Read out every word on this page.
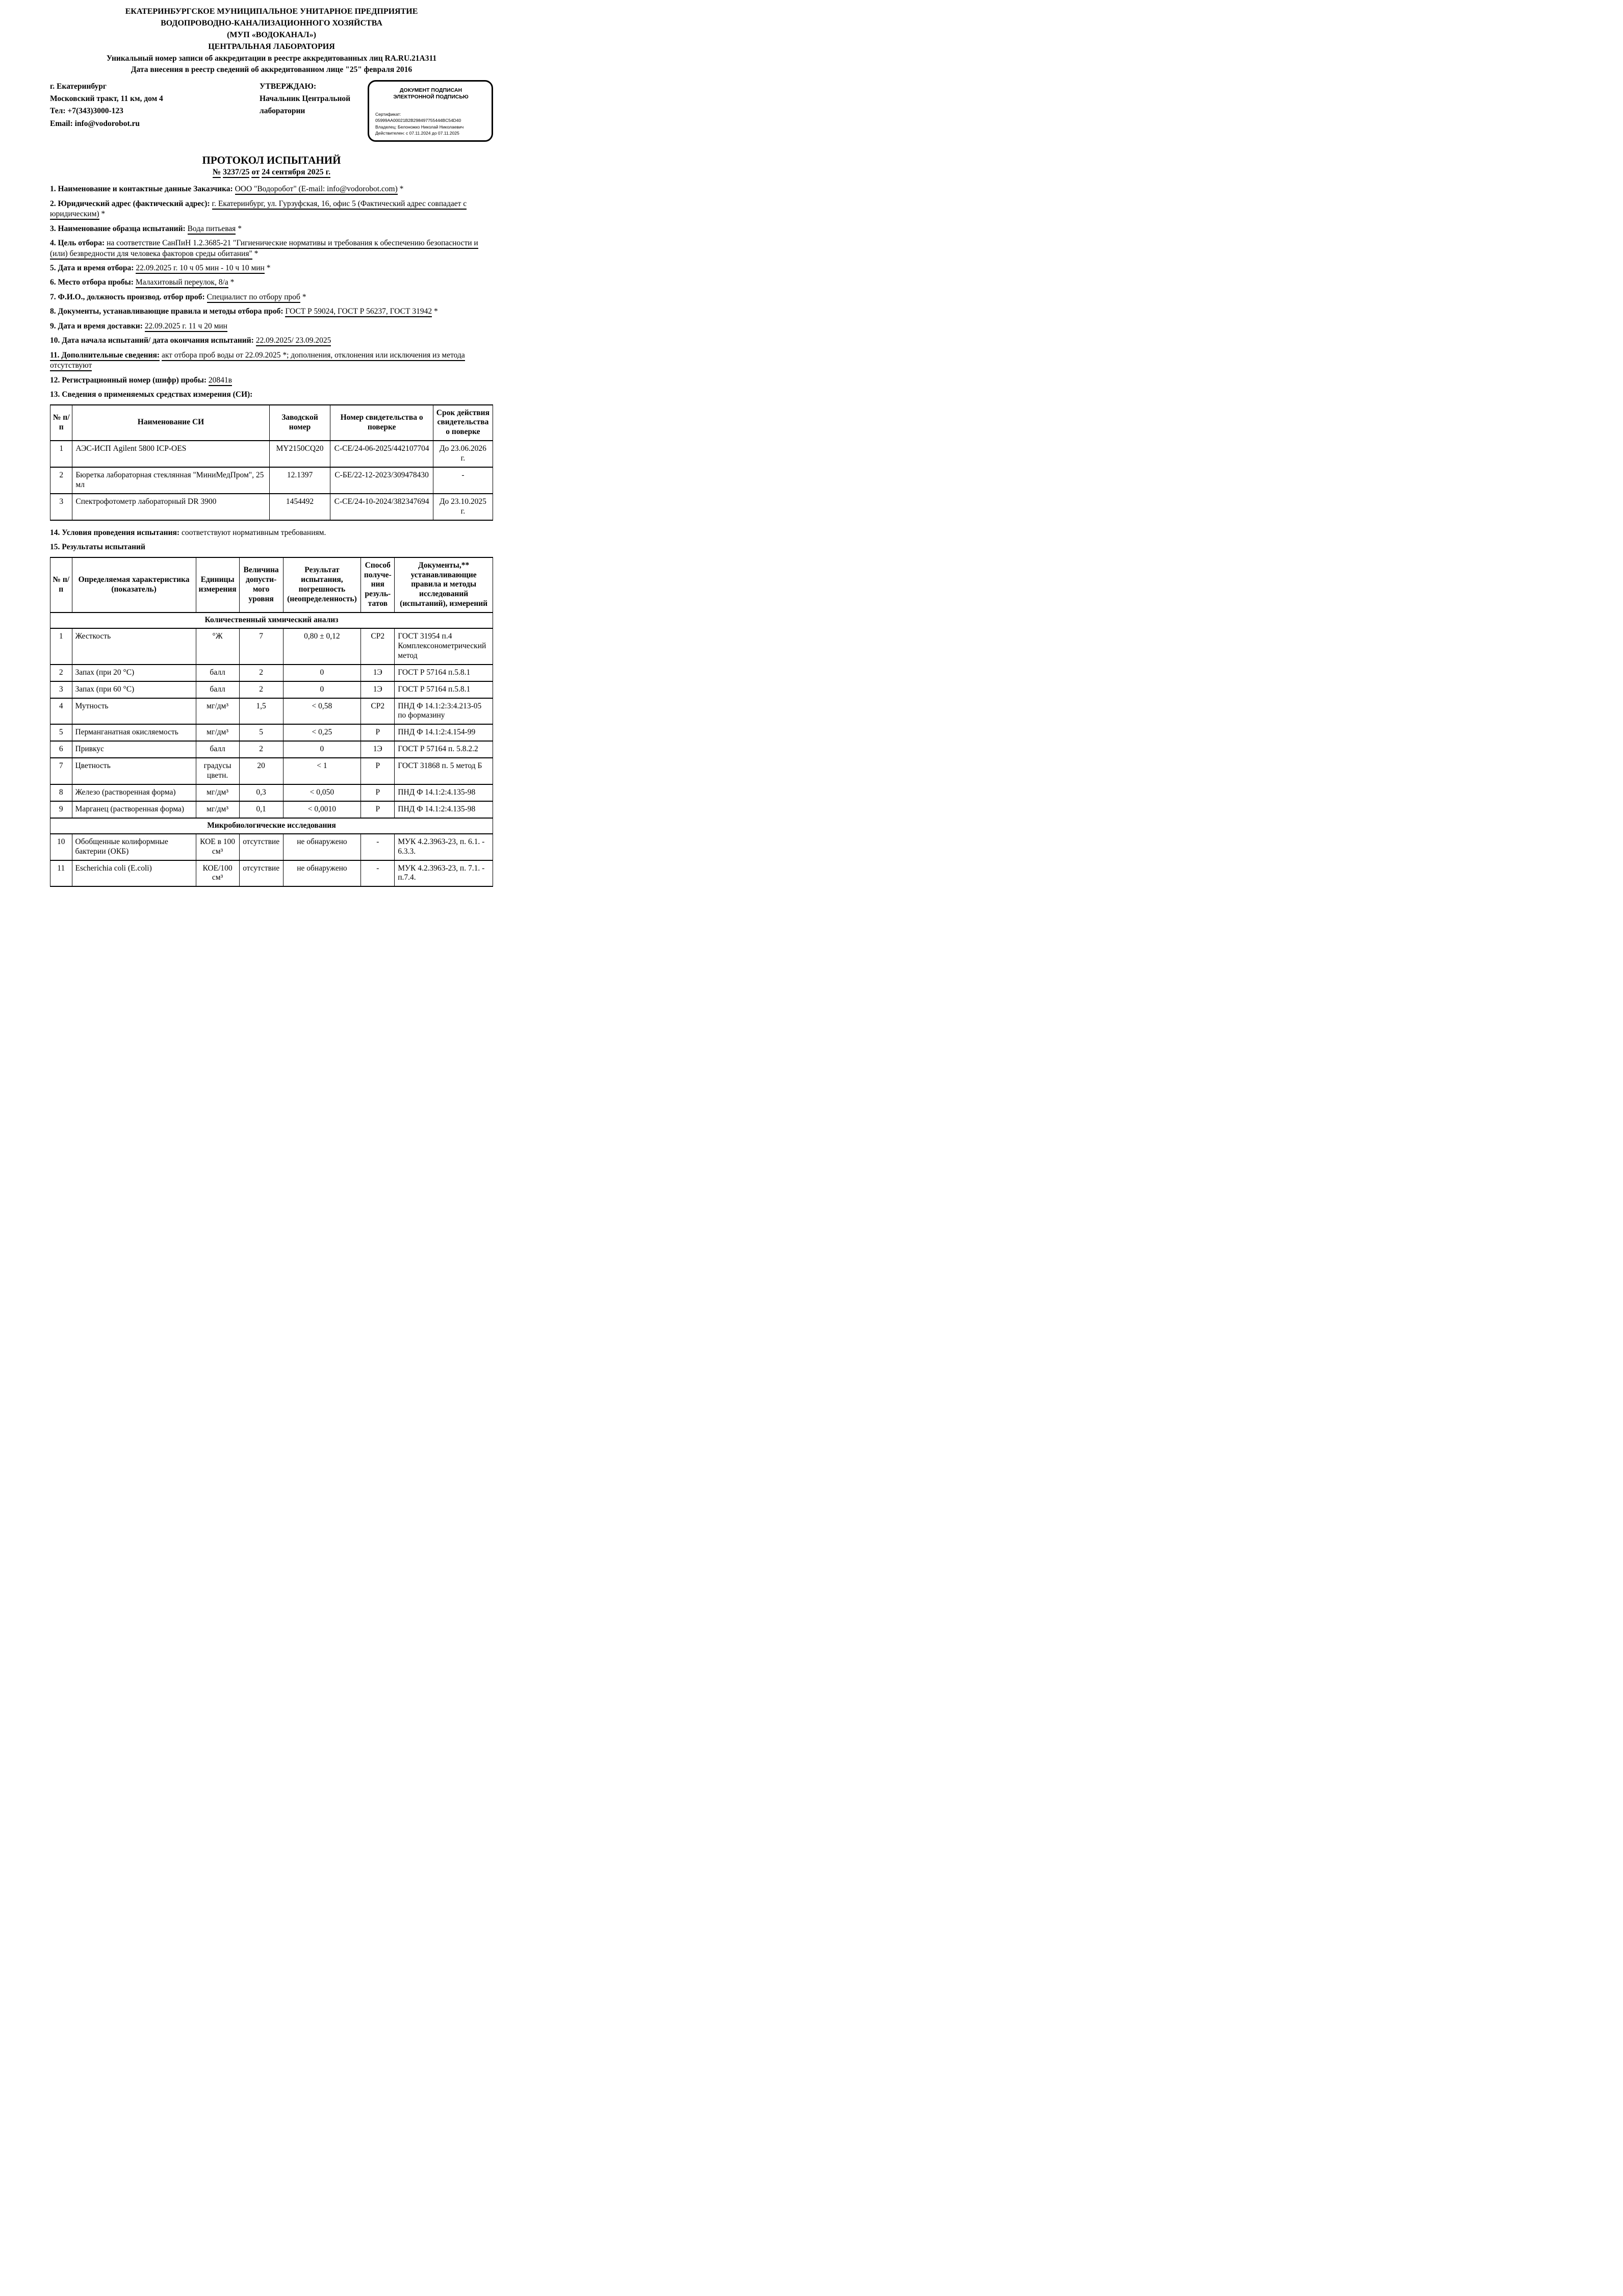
ЕКАТЕРИНБУРГСКОЕ МУНИЦИПАЛЬНОЕ УНИТАРНОЕ ПРЕДПРИЯТИЕ

ВОДОПРОВОДНО-КАНАЛИЗАЦИОННОГО ХОЗЯЙСТВА

(МУП «ВОДОКАНАЛ»)

ЦЕНТРАЛЬНАЯ ЛАБОРАТОРИЯ

Уникальный номер записи об аккредитации в реестре аккредитованных лиц RA.RU.21A311

Дата внесения в реестр сведений об аккредитованном лице "25" февраля 2016

г. Екатеринбург

Московский тракт, 11 км, дом 4

Тел: +7(343)3000-123

Email: info@vodorobot.ru

УТВЕРЖДАЮ:

Начальник Центральной

лаборатории

ДОКУМЕНТ ПОДПИСАН
ЭЛЕКТРОННОЙ ПОДПИСЬЮ
Сертификат: 05999AA00021B2B298497755444BC54D40
Владелец: Белоножко Николай Николаевич
Действителен: с 07.11.2024 до 07.11.2025
ПРОТОКОЛ ИСПЫТАНИЙ
№ 3237/25 от 24 сентября 2025 г.

1. Наименование и контактные данные Заказчика: ООО "Водоробот" (E-mail: info@vodorobot.com) *

2. Юридический адрес (фактический адрес): г. Екатеринбург, ул. Гурзуфская, 16, офис 5 (Фактический адрес совпадает с юридическим) *

3. Наименование образца испытаний: Вода питьевая *

4. Цель отбора: на соответствие СанПиН 1.2.3685-21 "Гигиенические нормативы и требования к обеспечению безопасности и (или) безвредности для человека факторов среды обитания" *

5. Дата и время отбора: 22.09.2025 г. 10 ч 05 мин - 10 ч 10 мин *

6. Место отбора пробы: Малахитовый переулок, 8/а *

7. Ф.И.О., должность производ. отбор проб: Специалист по отбору проб *

8. Документы, устанавливающие правила и методы отбора проб: ГОСТ Р 59024, ГОСТ Р 56237, ГОСТ 31942 *

9. Дата и время доставки: 22.09.2025 г. 11 ч 20 мин

10. Дата начала испытаний/ дата окончания испытаний: 22.09.2025/ 23.09.2025

11. Дополнительные сведения: акт отбора проб воды от 22.09.2025 *; дополнения, отклонения или исключения из метода отсутствуют

12. Регистрационный номер (шифр) пробы: 20841в

13. Сведения о применяемых средствах измерения (СИ):

№ п/п	Наименование СИ	Заводской номер	Номер свидетельства о поверке	Срок действия свидетельства о поверке
1	АЭС-ИСП Agilent 5800 ICP-OES	MY2150CQ20	С-СЕ/24-06-2025/442107704	До 23.06.2026 г.
2	Бюретка лабораторная стеклянная "МиниМедПром", 25 мл	12.1397	С-БЕ/22-12-2023/309478430	-
3	Спектрофотометр лабораторный DR 3900	1454492	С-СЕ/24-10-2024/382347694	До 23.10.2025 г.

14. Условия проведения испытания: соответствуют нормативным требованиям.

15. Результаты испытаний

№ п/п	Определяемая характеристика (показатель)	Единицы измерения	Величина допусти-мого уровня	Результат испытания, погрешность (неопределенность)	Способ получе-ния резуль-татов	Документы,** устанавливающие правила и методы исследований (испытаний), измерений
Количественный химический анализ						
1	Жесткость	°Ж	7	0,80 ± 0,12	СР2	ГОСТ 31954 п.4 Комплексонометрический метод
2	Запах (при 20 °С)	балл	2	0	1Э	ГОСТ Р 57164 п.5.8.1
3	Запах (при 60 °С)	балл	2	0	1Э	ГОСТ Р 57164 п.5.8.1
4	Мутность	мг/дм³	1,5	< 0,58	СР2	ПНД Ф 14.1:2:3:4.213-05 по формазину
5	Перманганатная окисляемость	мг/дм³	5	< 0,25	Р	ПНД Ф 14.1:2:4.154-99
6	Привкус	балл	2	0	1Э	ГОСТ Р 57164 п. 5.8.2.2
7	Цветность	градусы цветн.	20	< 1	Р	ГОСТ 31868 п. 5 метод Б
8	Железо (растворенная форма)	мг/дм³	0,3	< 0,050	Р	ПНД Ф 14.1:2:4.135-98
9	Марганец (растворенная форма)	мг/дм³	0,1	< 0,0010	Р	ПНД Ф 14.1:2:4.135-98
Микробиологические исследования						
10	Обобщенные колиформные бактерии (ОКБ)	КОЕ в 100 см³	отсутствие	не обнаружено	-	МУК 4.2.3963-23, п. 6.1. - 6.3.3.
11	Escherichia coli (E.coli)	КОЕ/100 см³	отсутствие	не обнаружено	-	МУК 4.2.3963-23, п. 7.1. - п.7.4.
